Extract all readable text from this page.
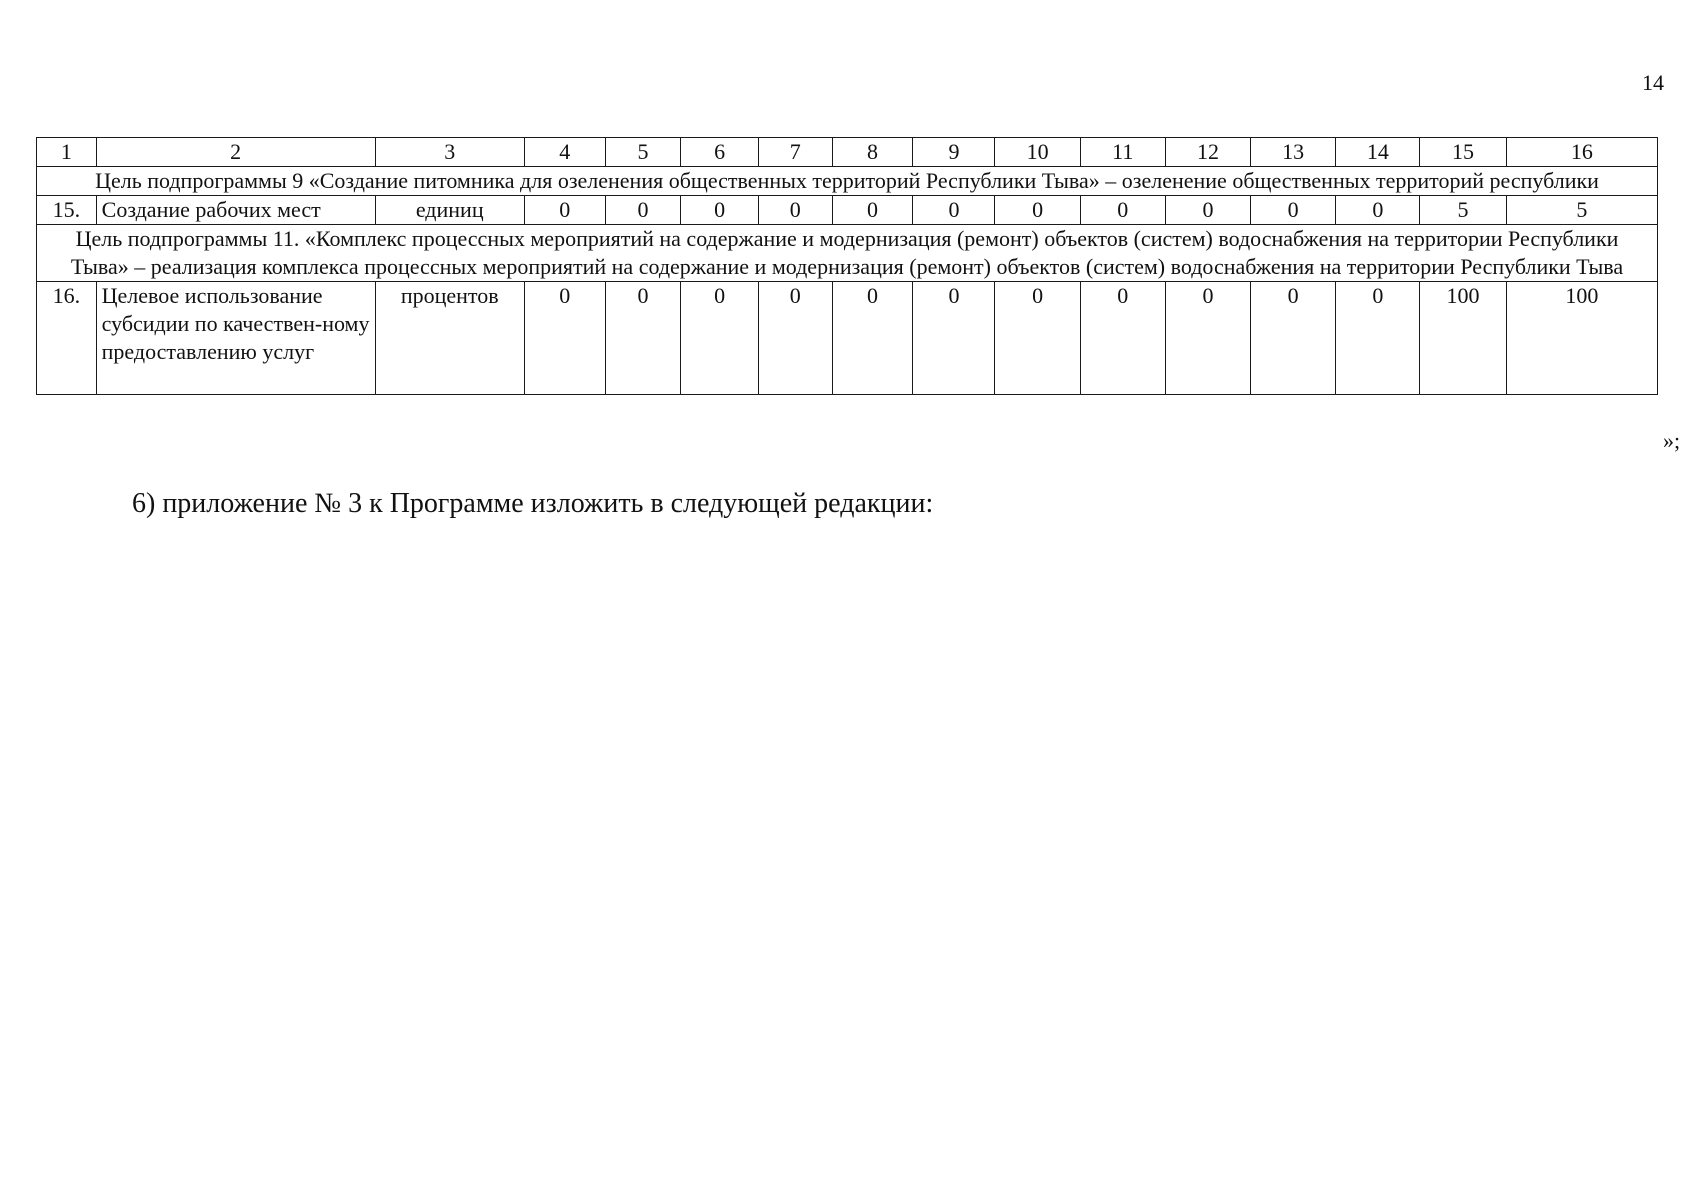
14
1	2	3	4	5	6	7	8	9	10	11	12	13	14	15	16
Цель подпрограммы 9 «Создание питомника для озеленения общественных территорий Республики Тыва» – озеленение общественных территорий республики															
15.	Создание рабочих мест	единиц	0	0	0	0	0	0	0	0	0	0	0	5	5
Цель подпрограммы 11. «Комплекс процессных мероприятий на содержание и модернизация (ремонт) объектов (систем) водоснабжения на территории Республики Тыва» – реализация комплекса процессных мероприятий на содержание и модернизация (ремонт) объектов (систем) водоснабжения на территории Республики Тыва															
16.	Целевое использование субсидии по качествен-ному предоставлению услуг	процентов	0	0	0	0	0	0	0	0	0	0	0	100	100
»;
6) приложение № 3 к Программе изложить в следующей редакции:
